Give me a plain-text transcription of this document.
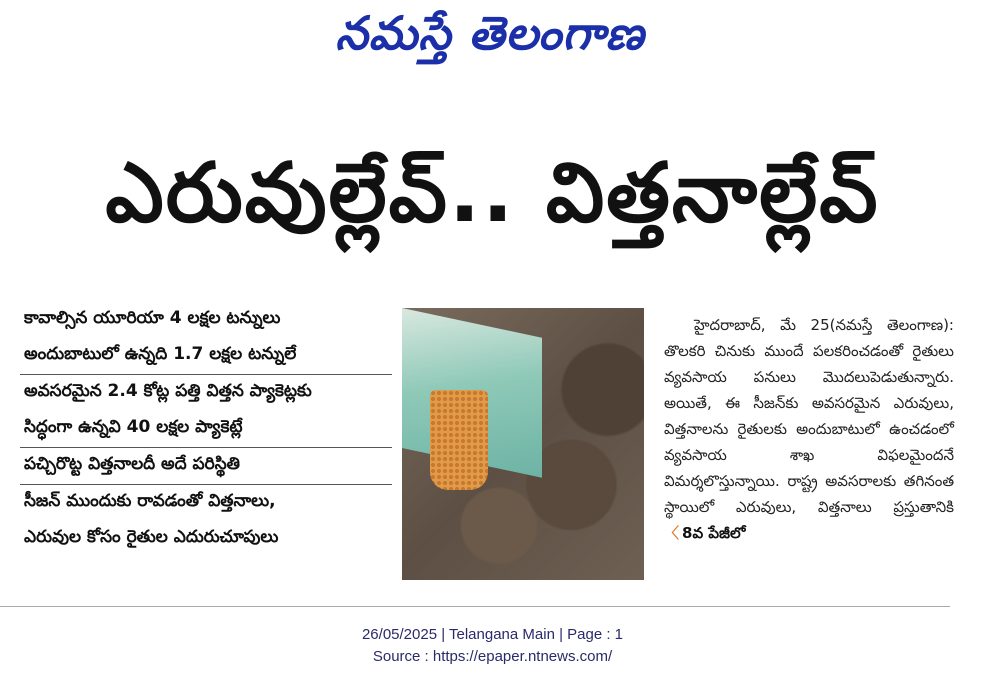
నమస్తే తెలంగాణ
ఎరువుల్లేవ్.. విత్తనాల్లేవ్
కావాల్సిన యూరియా 4 లక్షల టన్నులు
అందుబాటులో ఉన్నది 1.7 లక్షల టన్నులే
అవసరమైన 2.4 కోట్ల పత్తి విత్తన ప్యాకెట్లకు
సిద్ధంగా ఉన్నవి 40 లక్షల ప్యాకెట్లే
పచ్చిరొట్ట విత్తనాలదీ అదే పరిస్థితి
సీజన్ ముందుకు రావడంతో విత్తనాలు,
ఎరువుల కోసం రైతుల ఎదురుచూపులు

హైదరాబాద్, మే 25(నమస్తే తెలంగాణ): తొలకరి చినుకు ముందే పలకరించడంతో రైతులు వ్యవసాయ పనులు మొదలుపెడుతున్నారు. అయితే, ఈ సీజన్‌కు అవసరమైన ఎరువులు, విత్తనాలను రైతులకు అందుబాటులో ఉంచడంలో వ్యవసాయ శాఖ విఫలమైందనే విమర్శలొస్తున్నాయి. రాష్ట్ర అవసరాలకు తగినంత స్థాయిలో ఎరువులు, విత్తనాలు ప్రస్తుతానికి 〈 8వ పేజీలో

26/05/2025 | Telangana Main | Page : 1
Source : https://epaper.ntnews.com/
